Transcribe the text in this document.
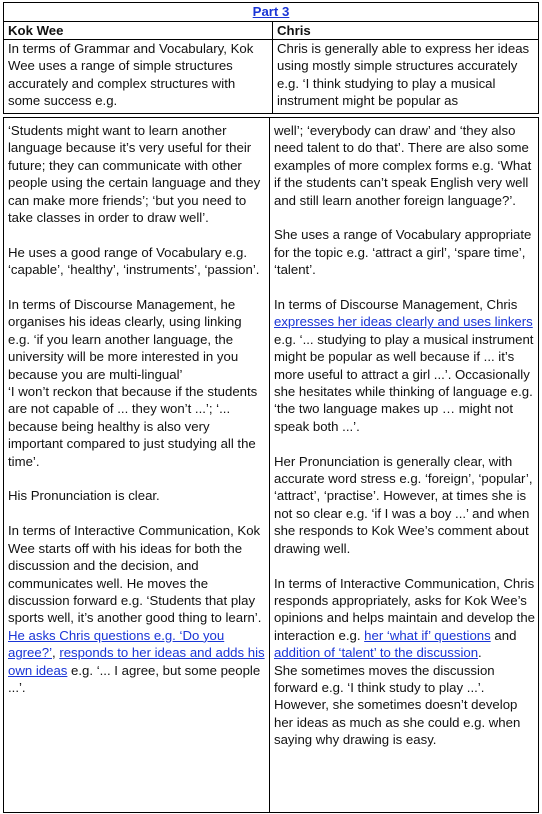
Part 3
Kok Wee	Chris

In terms of Grammar and Vocabulary, Kok Wee uses a range of simple structures accurately and complex structures with some success e.g.

Chris is generally able to express her ideas using mostly simple structures accurately e.g. ‘I think studying to play a musical instrument might be popular as

‘Students might want to learn another language because it’s very useful for their future; they can communicate with other people using the certain language and they can make more friends’; ‘but you need to take classes in order to draw well’.

He uses a good range of Vocabulary e.g. ‘capable’, ‘healthy’, ‘instruments’, ‘passion’.

In terms of Discourse Management, he organises his ideas clearly, using linking e.g. ‘if you learn another language, the university will be more interested in you because you are multi-lingual’

‘I won’t reckon that because if the students are not capable of ... they won’t ...’; ‘... because being healthy is also very important compared to just studying all the time’.

His Pronunciation is clear.

In terms of Interactive Communication, Kok Wee starts off with his ideas for both the discussion and the decision, and communicates well. He moves the discussion forward e.g. ‘Students that play sports well, it’s another good thing to learn’. He asks Chris questions e.g. ‘Do you agree?’, responds to her ideas and adds his own ideas e.g. ‘... I agree, but some people ...’.

well’; ‘everybody can draw’ and ‘they also need talent to do that’. There are also some examples of more complex forms e.g. ‘What if the students can’t speak English very well and still learn another foreign language?’.

She uses a range of Vocabulary appropriate for the topic e.g. ‘attract a girl’, ‘spare time’, ‘talent’.

In terms of Discourse Management, Chris expresses her ideas clearly and uses linkers e.g. ‘... studying to play a musical instrument might be popular as well because if ... it’s more useful to attract a girl ...’. Occasionally she hesitates while thinking of language e.g. ‘the two language makes up … might not speak both ...’.

Her Pronunciation is generally clear, with accurate word stress e.g. ‘foreign’, ‘popular’, ‘attract’, ‘practise’. However, at times she is not so clear e.g. ‘if I was a boy ...’ and when she responds to Kok Wee’s comment about drawing well.

In terms of Interactive Communication, Chris responds appropriately, asks for Kok Wee’s opinions and helps maintain and develop the interaction e.g. her ‘what if’ questions and addition of ‘talent’ to the discussion.

She sometimes moves the discussion forward e.g. ‘I think study to play ...’. However, she sometimes doesn’t develop her ideas as much as she could e.g. when saying why drawing is easy.
